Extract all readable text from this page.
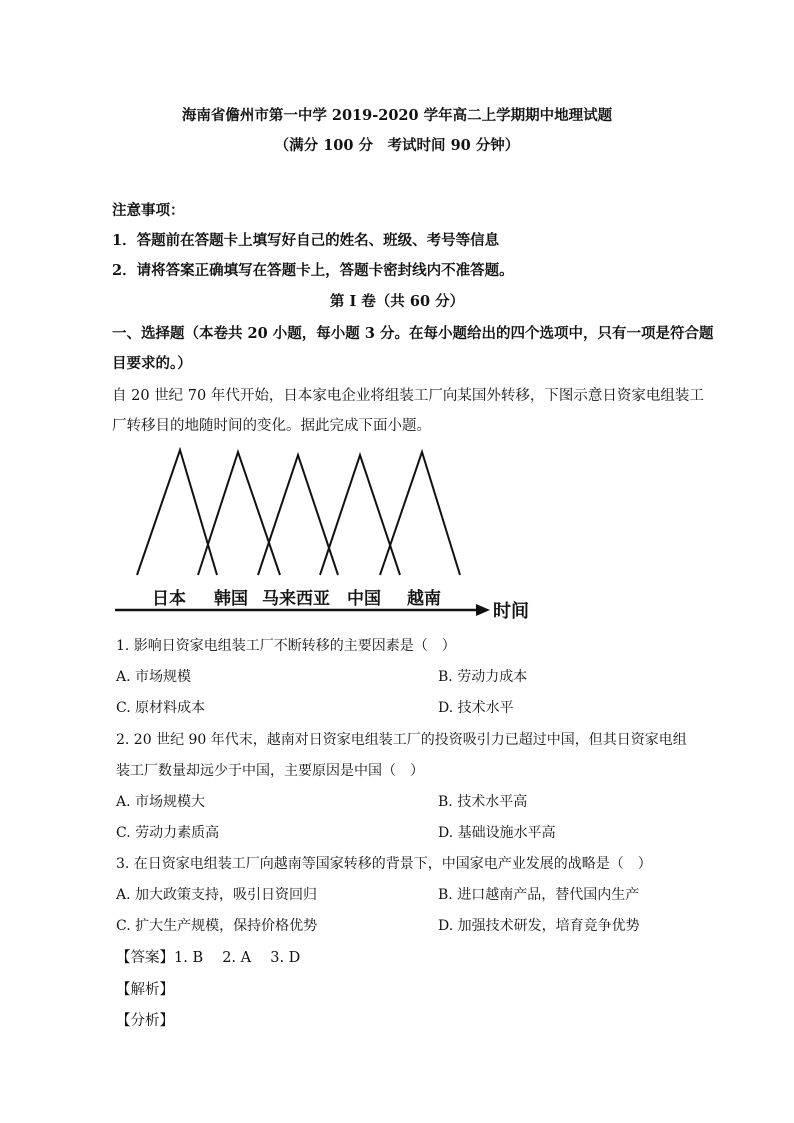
海南省儋州市第一中学 2019-2020 学年高二上学期期中地理试题
（满分 100 分　考试时间 90 分钟）
注意事项：
1．答题前在答题卡上填写好自己的姓名、班级、考号等信息
2．请将答案正确填写在答题卡上，答题卡密封线内不准答题。
第 I 卷（共 60 分）
一、选择题（本卷共 20 小题，每小题 3 分。在每小题给出的四个选项中，只有一项是符合题
目要求的。）
自 20 世纪 70 年代开始，日本家电企业将组装工厂向某国外转移，下图示意日资家电组装工
厂转移目的地随时间的变化。据此完成下面小题。
日本 韩国 马来西亚 中国 越南
时间
1. 影响日资家电组装工厂不断转移的主要因素是（　）
A. 市场规模	B. 劳动力成本
C. 原材料成本	D. 技术水平
2. 20 世纪 90 年代末，越南对日资家电组装工厂的投资吸引力已超过中国，但其日资家电组
装工厂数量却远少于中国，主要原因是中国（　）
A. 市场规模大	B. 技术水平高
C. 劳动力素质高	D. 基础设施水平高
3. 在日资家电组装工厂向越南等国家转移的背景下，中国家电产业发展的战略是（　）
A. 加大政策支持，吸引日资回归	B. 进口越南产品，替代国内生产
C. 扩大生产规模，保持价格优势	D. 加强技术研发，培育竞争优势
【答案】1. B　 2. A　 3. D
【解析】
【分析】
